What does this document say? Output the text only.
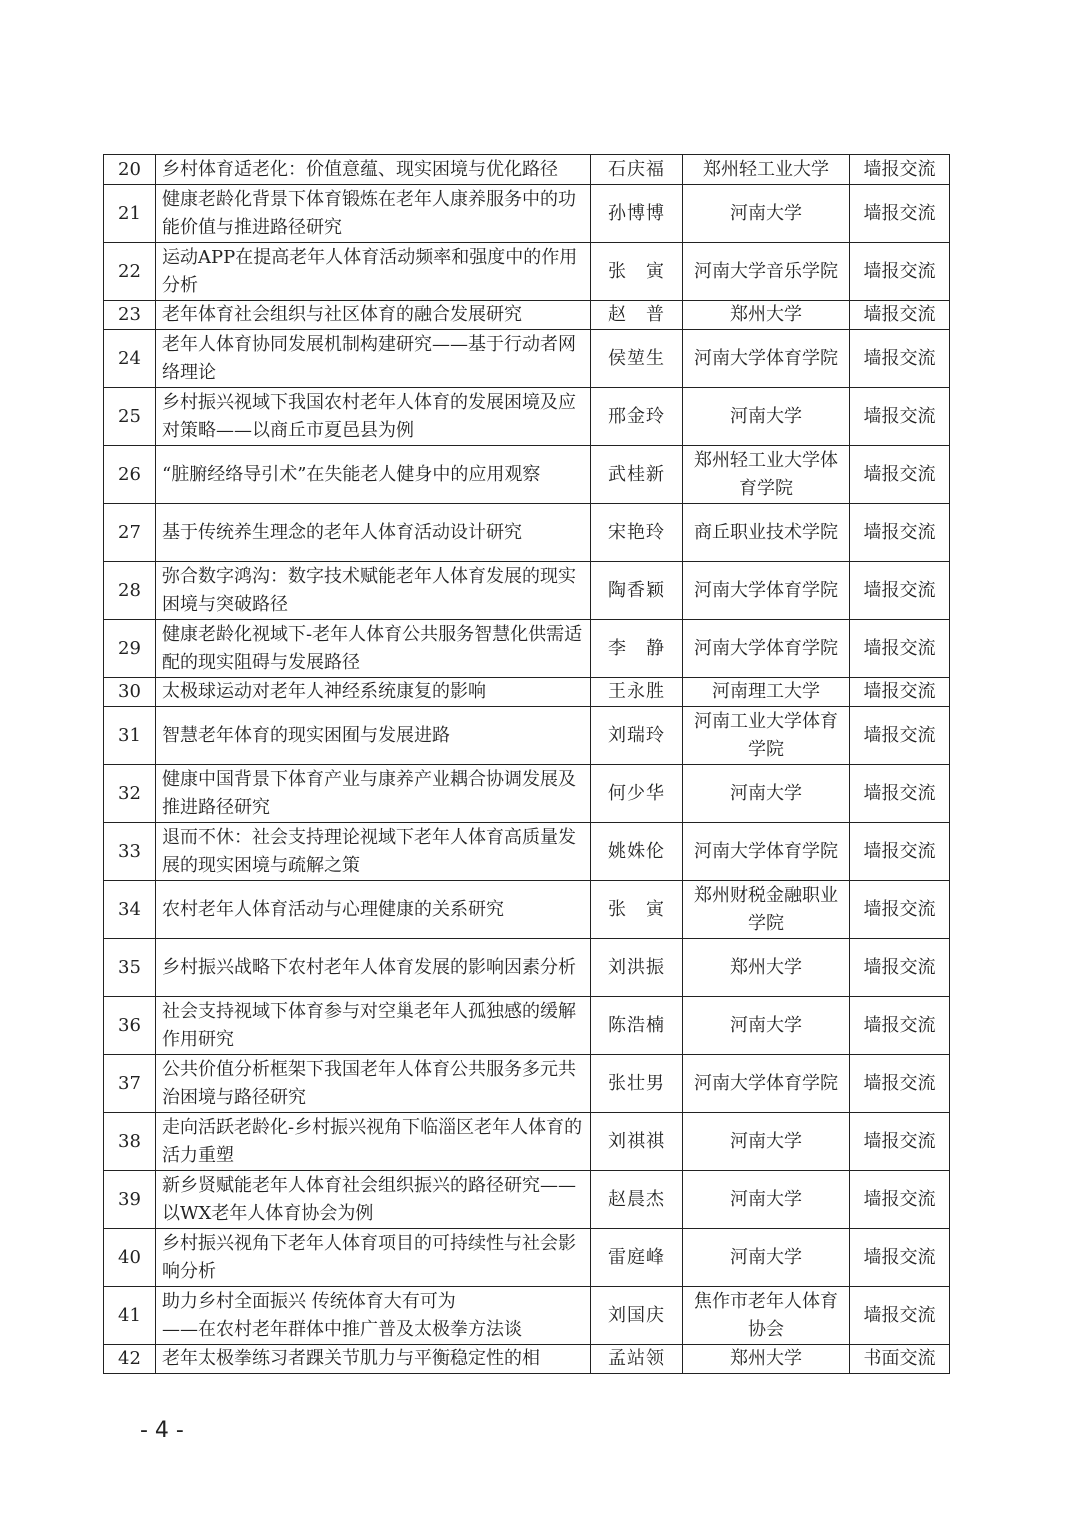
20	乡村体育适老化：价值意蕴、现实困境与优化路径	石庆福	郑州轻工业大学	墙报交流
21	健康老龄化背景下体育锻炼在老年人康养服务中的功能价值与推进路径研究	孙博博	河南大学	墙报交流
22	运动APP在提高老年人体育活动频率和强度中的作用分析	张　寅	河南大学音乐学院	墙报交流
23	老年体育社会组织与社区体育的融合发展研究	赵　普	郑州大学	墙报交流
24	老年人体育协同发展机制构建研究——基于行动者网络理论	侯堃生	河南大学体育学院	墙报交流
25	乡村振兴视域下我国农村老年人体育的发展困境及应对策略——以商丘市夏邑县为例	邢金玲	河南大学	墙报交流
26	“脏腑经络导引术”在失能老人健身中的应用观察	武桂新	郑州轻工业大学体育学院	墙报交流
27	基于传统养生理念的老年人体育活动设计研究	宋艳玲	商丘职业技术学院	墙报交流
28	弥合数字鸿沟：数字技术赋能老年人体育发展的现实困境与突破路径	陶香颖	河南大学体育学院	墙报交流
29	健康老龄化视域下-老年人体育公共服务智慧化供需适配的现实阻碍与发展路径	李　静	河南大学体育学院	墙报交流
30	太极球运动对老年人神经系统康复的影响	王永胜	河南理工大学	墙报交流
31	智慧老年体育的现实困囿与发展进路	刘瑞玲	河南工业大学体育学院	墙报交流
32	健康中国背景下体育产业与康养产业耦合协调发展及推进路径研究	何少华	河南大学	墙报交流
33	退而不休：社会支持理论视域下老年人体育高质量发展的现实困境与疏解之策	姚姝伦	河南大学体育学院	墙报交流
34	农村老年人体育活动与心理健康的关系研究	张　寅	郑州财税金融职业学院	墙报交流
35	乡村振兴战略下农村老年人体育发展的影响因素分析	刘洪振	郑州大学	墙报交流
36	社会支持视域下体育参与对空巢老年人孤独感的缓解作用研究	陈浩楠	河南大学	墙报交流
37	公共价值分析框架下我国老年人体育公共服务多元共治困境与路径研究	张壮男	河南大学体育学院	墙报交流
38	走向活跃老龄化-乡村振兴视角下临淄区老年人体育的活力重塑	刘祺祺	河南大学	墙报交流
39	新乡贤赋能老年人体育社会组织振兴的路径研究——以WX老年人体育协会为例	赵晨杰	河南大学	墙报交流
40	乡村振兴视角下老年人体育项目的可持续性与社会影响分析	雷庭峰	河南大学	墙报交流
41	助力乡村全面振兴 传统体育大有可为
——在农村老年群体中推广普及太极拳方法谈	刘国庆	焦作市老年人体育协会	墙报交流
42	老年太极拳练习者踝关节肌力与平衡稳定性的相	孟站领	郑州大学	书面交流
- 4 -
